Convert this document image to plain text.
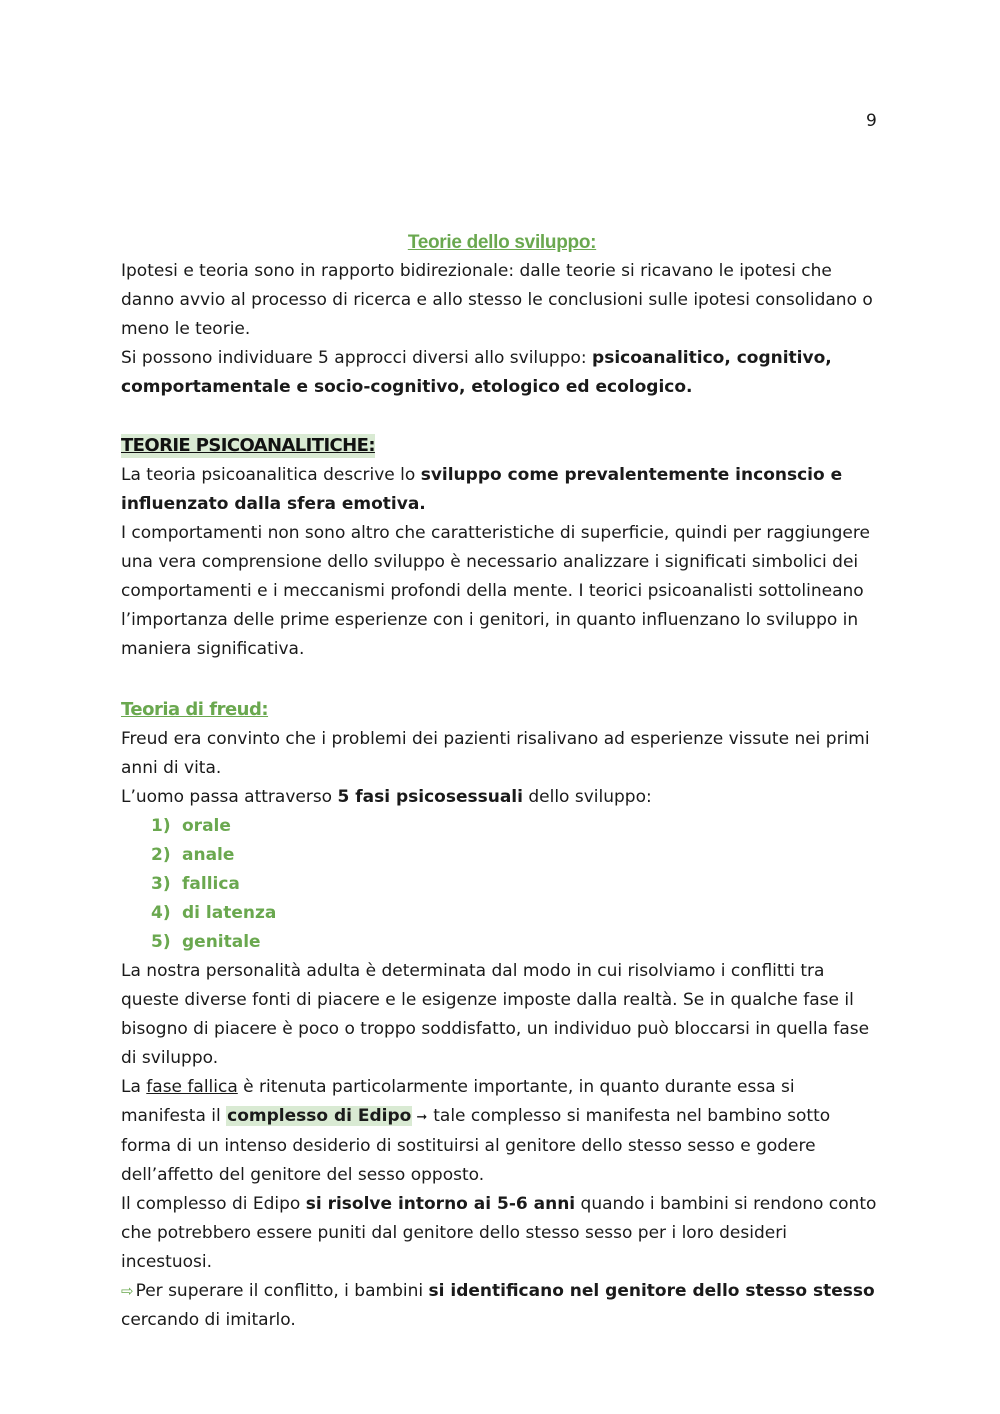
9
Teorie dello sviluppo:

Ipotesi e teoria sono in rapporto bidirezionale: dalle teorie si ricavano le ipotesi che danno avvio al processo di ricerca e allo stesso le conclusioni sulle ipotesi consolidano o meno le teorie.

Si possono individuare 5 approcci diversi allo sviluppo: psicoanalitico, cognitivo, comportamentale e socio-cognitivo, etologico ed ecologico.

TEORIE PSICOANALITICHE:

La teoria psicoanalitica descrive lo sviluppo come prevalentemente inconscio e influenzato dalla sfera emotiva.

I comportamenti non sono altro che caratteristiche di superficie, quindi per raggiungere una vera comprensione dello sviluppo è necessario analizzare i significati simbolici dei comportamenti e i meccanismi profondi della mente. I teorici psicoanalisti sottolineano l’importanza delle prime esperienze con i genitori, in quanto influenzano lo sviluppo in maniera significativa.

Teoria di freud:

Freud era convinto che i problemi dei pazienti risalivano ad esperienze vissute nei primi anni di vita.

L’uomo passa attraverso 5 fasi psicosessuali dello sviluppo:

1) orale
2) anale
3) fallica
4) di latenza
5) genitale

La nostra personalità adulta è determinata dal modo in cui risolviamo i conflitti tra queste diverse fonti di piacere e le esigenze imposte dalla realtà. Se in qualche fase il bisogno di piacere è poco o troppo soddisfatto, un individuo può bloccarsi in quella fase di sviluppo.

La fase fallica è ritenuta particolarmente importante, in quanto durante essa si manifesta il complesso di Edipo ➞ tale complesso si manifesta nel bambino sotto forma di un intenso desiderio di sostituirsi al genitore dello stesso sesso e godere dell’affetto del genitore del sesso opposto.

Il complesso di Edipo si risolve intorno ai 5-6 anni quando i bambini si rendono conto che potrebbero essere puniti dal genitore dello stesso sesso per i loro desideri incestuosi.

⇨ Per superare il conflitto, i bambini si identificano nel genitore dello stesso stesso cercando di imitarlo.
